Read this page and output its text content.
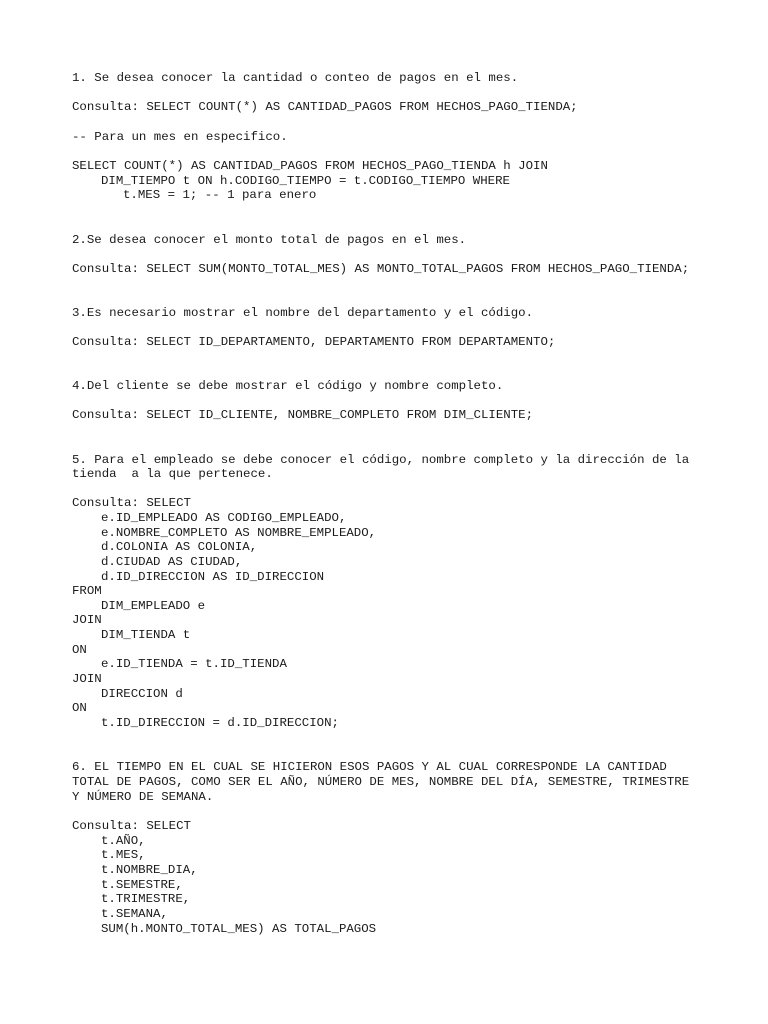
1. Se desea conocer la cantidad o conteo de pagos en el mes.
Consulta: SELECT COUNT(*) AS CANTIDAD_PAGOS FROM HECHOS_PAGO_TIENDA;
-- Para un mes en especifico.
SELECT COUNT(*) AS CANTIDAD_PAGOS FROM HECHOS_PAGO_TIENDA h JOIN
DIM_TIEMPO t ON h.CODIGO_TIEMPO = t.CODIGO_TIEMPO WHERE
t.MES = 1; -- 1 para enero
2.Se desea conocer el monto total de pagos en el mes.
Consulta: SELECT SUM(MONTO_TOTAL_MES) AS MONTO_TOTAL_PAGOS FROM HECHOS_PAGO_TIENDA;
3.Es necesario mostrar el nombre del departamento y el código.
Consulta: SELECT ID_DEPARTAMENTO, DEPARTAMENTO FROM DEPARTAMENTO;
4.Del cliente se debe mostrar el código y nombre completo.
Consulta: SELECT ID_CLIENTE, NOMBRE_COMPLETO FROM DIM_CLIENTE;
5. Para el empleado se debe conocer el código, nombre completo y la dirección de la
tienda  a la que pertenece.
Consulta: SELECT
e.ID_EMPLEADO AS CODIGO_EMPLEADO,
e.NOMBRE_COMPLETO AS NOMBRE_EMPLEADO,
d.COLONIA AS COLONIA,
d.CIUDAD AS CIUDAD,
d.ID_DIRECCION AS ID_DIRECCION
FROM
DIM_EMPLEADO e
JOIN
DIM_TIENDA t
ON
e.ID_TIENDA = t.ID_TIENDA
JOIN
DIRECCION d
ON
t.ID_DIRECCION = d.ID_DIRECCION;
6. EL TIEMPO EN EL CUAL SE HICIERON ESOS PAGOS Y AL CUAL CORRESPONDE LA CANTIDAD
TOTAL DE PAGOS, COMO SER EL AÑO, NÚMERO DE MES, NOMBRE DEL DÍA, SEMESTRE, TRIMESTRE
Y NÚMERO DE SEMANA.
Consulta: SELECT
t.AÑO,
t.MES,
t.NOMBRE_DIA,
t.SEMESTRE,
t.TRIMESTRE,
t.SEMANA,
SUM(h.MONTO_TOTAL_MES) AS TOTAL_PAGOS
